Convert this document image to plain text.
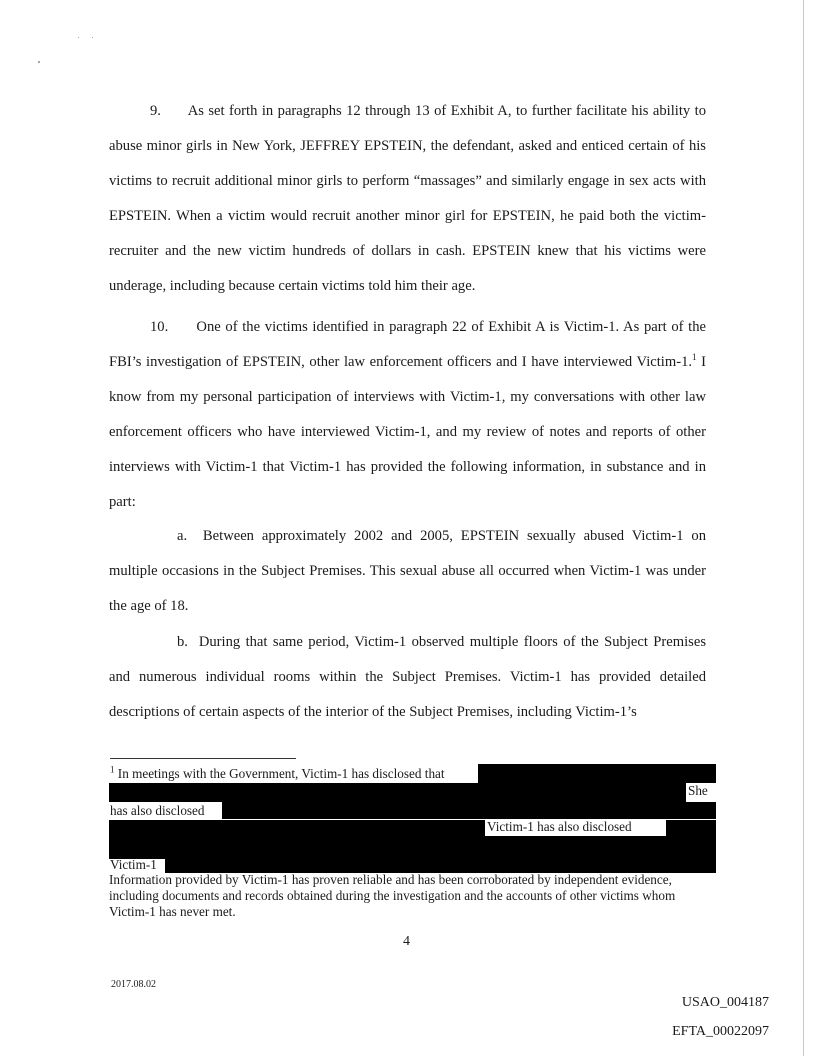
9. As set forth in paragraphs 12 through 13 of Exhibit A, to further facilitate his ability to abuse minor girls in New York, JEFFREY EPSTEIN, the defendant, asked and enticed certain of his victims to recruit additional minor girls to perform “massages” and similarly engage in sex acts with EPSTEIN. When a victim would recruit another minor girl for EPSTEIN, he paid both the victim-recruiter and the new victim hundreds of dollars in cash. EPSTEIN knew that his victims were underage, including because certain victims told him their age.

10. One of the victims identified in paragraph 22 of Exhibit A is Victim-1. As part of the FBI’s investigation of EPSTEIN, other law enforcement officers and I have interviewed Victim-1.$^1$ I know from my personal participation of interviews with Victim-1, my conversations with other law enforcement officers who have interviewed Victim-1, and my review of notes and reports of other interviews with Victim-1 that Victim-1 has provided the following information, in substance and in part:

a. Between approximately 2002 and 2005, EPSTEIN sexually abused Victim-1 on multiple occasions in the Subject Premises. This sexual abuse all occurred when Victim-1 was under the age of 18.

b. During that same period, Victim-1 observed multiple floors of the Subject Premises and numerous individual rooms within the Subject Premises. Victim-1 has provided detailed descriptions of certain aspects of the interior of the Subject Premises, including Victim-1’s

$^1$ In meetings with the Government, Victim-1 has disclosed that
She
has also disclosed
Victim-1 has also disclosed
Victim-1

Information provided by Victim-1 has proven reliable and has been corroborated by independent evidence, including documents and records obtained during the investigation and the accounts of other victims whom Victim-1 has never met.

4
2017.08.02
USAO_004187
EFTA_00022097
